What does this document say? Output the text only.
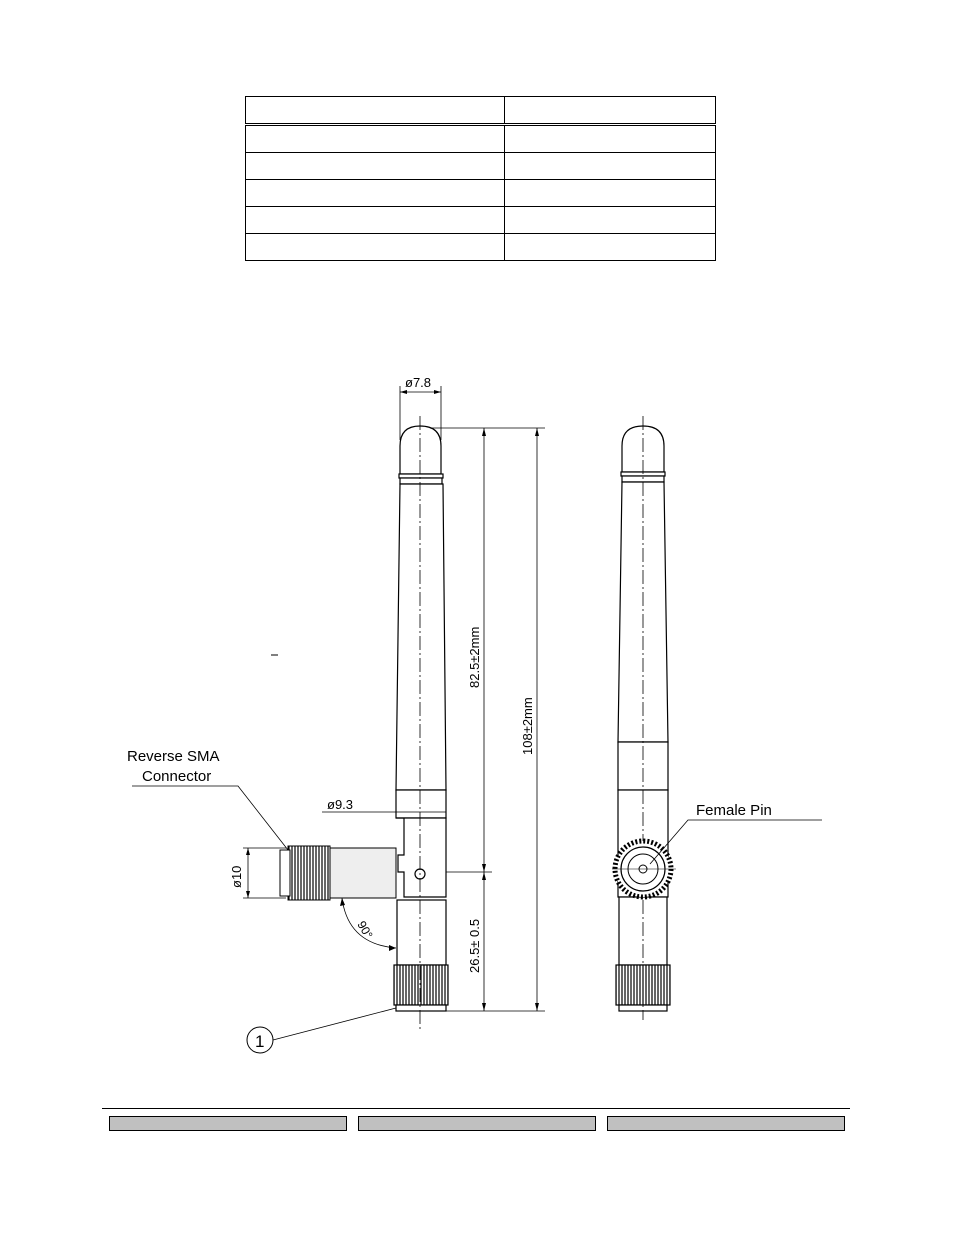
ø7.8
82.5±2mm
108±2mm
ø9.3
ø10
26.5± 0.5
90°
Reverse SMA
Connector
1
Female Pin
